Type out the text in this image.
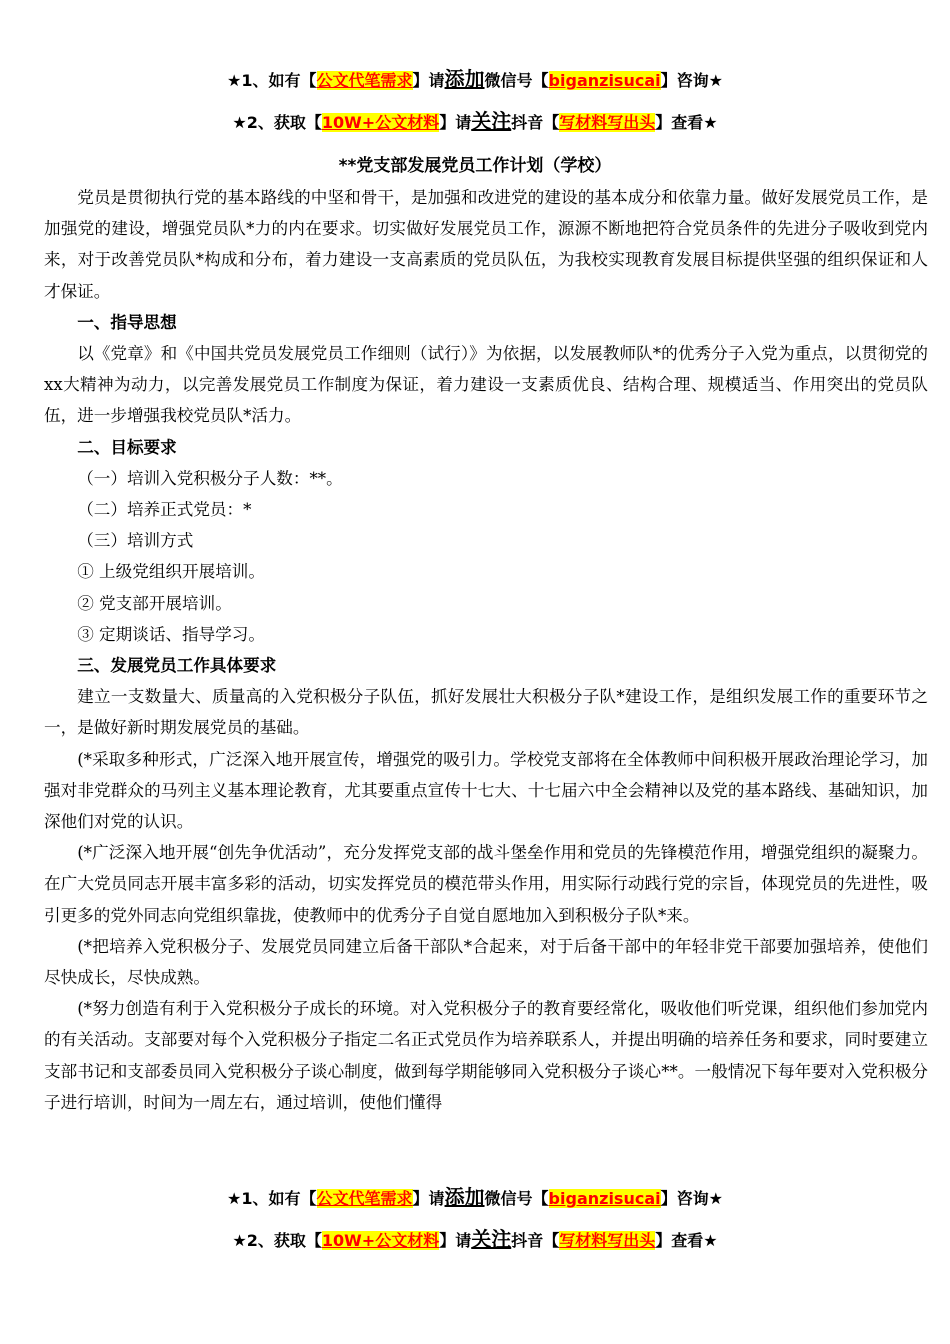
★1、如有【公文代笔需求】请添加微信号【biganzisucai】咨询★
★2、获取【10W+公文材料】请关注抖音【写材料写出头】查看★
**党支部发展党员工作计划（学校）

党员是贯彻执行党的基本路线的中坚和骨干，是加强和改进党的建设的基本成分和依靠力量。做好发展党员工作，是加强党的建设，增强党员队*力的内在要求。切实做好发展党员工作，源源不断地把符合党员条件的先进分子吸收到党内来，对于改善党员队*构成和分布，着力建设一支高素质的党员队伍，为我校实现教育发展目标提供坚强的组织保证和人才保证。

一、指导思想

以《党章》和《中国共党员发展党员工作细则（试行）》为依据，以发展教师队*的优秀分子入党为重点，以贯彻党的xx大精神为动力，以完善发展党员工作制度为保证，着力建设一支素质优良、结构合理、规模适当、作用突出的党员队伍，进一步增强我校党员队*活力。

二、目标要求

（一）培训入党积极分子人数：**。

（二）培养正式党员：*

（三）培训方式

① 上级党组织开展培训。

② 党支部开展培训。

③ 定期谈话、指导学习。

三、发展党员工作具体要求

建立一支数量大、质量高的入党积极分子队伍，抓好发展壮大积极分子队*建设工作，是组织发展工作的重要环节之一，是做好新时期发展党员的基础。

(*采取多种形式，广泛深入地开展宣传，增强党的吸引力。学校党支部将在全体教师中间积极开展政治理论学习，加强对非党群众的马列主义基本理论教育，尤其要重点宣传十七大、十七届六中全会精神以及党的基本路线、基础知识，加深他们对党的认识。

(*广泛深入地开展“创先争优活动”，充分发挥党支部的战斗堡垒作用和党员的先锋模范作用，增强党组织的凝聚力。在广大党员同志开展丰富多彩的活动，切实发挥党员的模范带头作用，用实际行动践行党的宗旨，体现党员的先进性，吸引更多的党外同志向党组织靠拢，使教师中的优秀分子自觉自愿地加入到积极分子队*来。

(*把培养入党积极分子、发展党员同建立后备干部队*合起来，对于后备干部中的年轻非党干部要加强培养，使他们尽快成长，尽快成熟。

(*努力创造有利于入党积极分子成长的环境。对入党积极分子的教育要经常化，吸收他们听党课，组织他们参加党内的有关活动。支部要对每个入党积极分子指定二名正式党员作为培养联系人，并提出明确的培养任务和要求，同时要建立支部书记和支部委员同入党积极分子谈心制度，做到每学期能够同入党积极分子谈心**。一般情况下每年要对入党积极分子进行培训，时间为一周左右，通过培训，使他们懂得

★1、如有【公文代笔需求】请添加微信号【biganzisucai】咨询★
★2、获取【10W+公文材料】请关注抖音【写材料写出头】查看★
